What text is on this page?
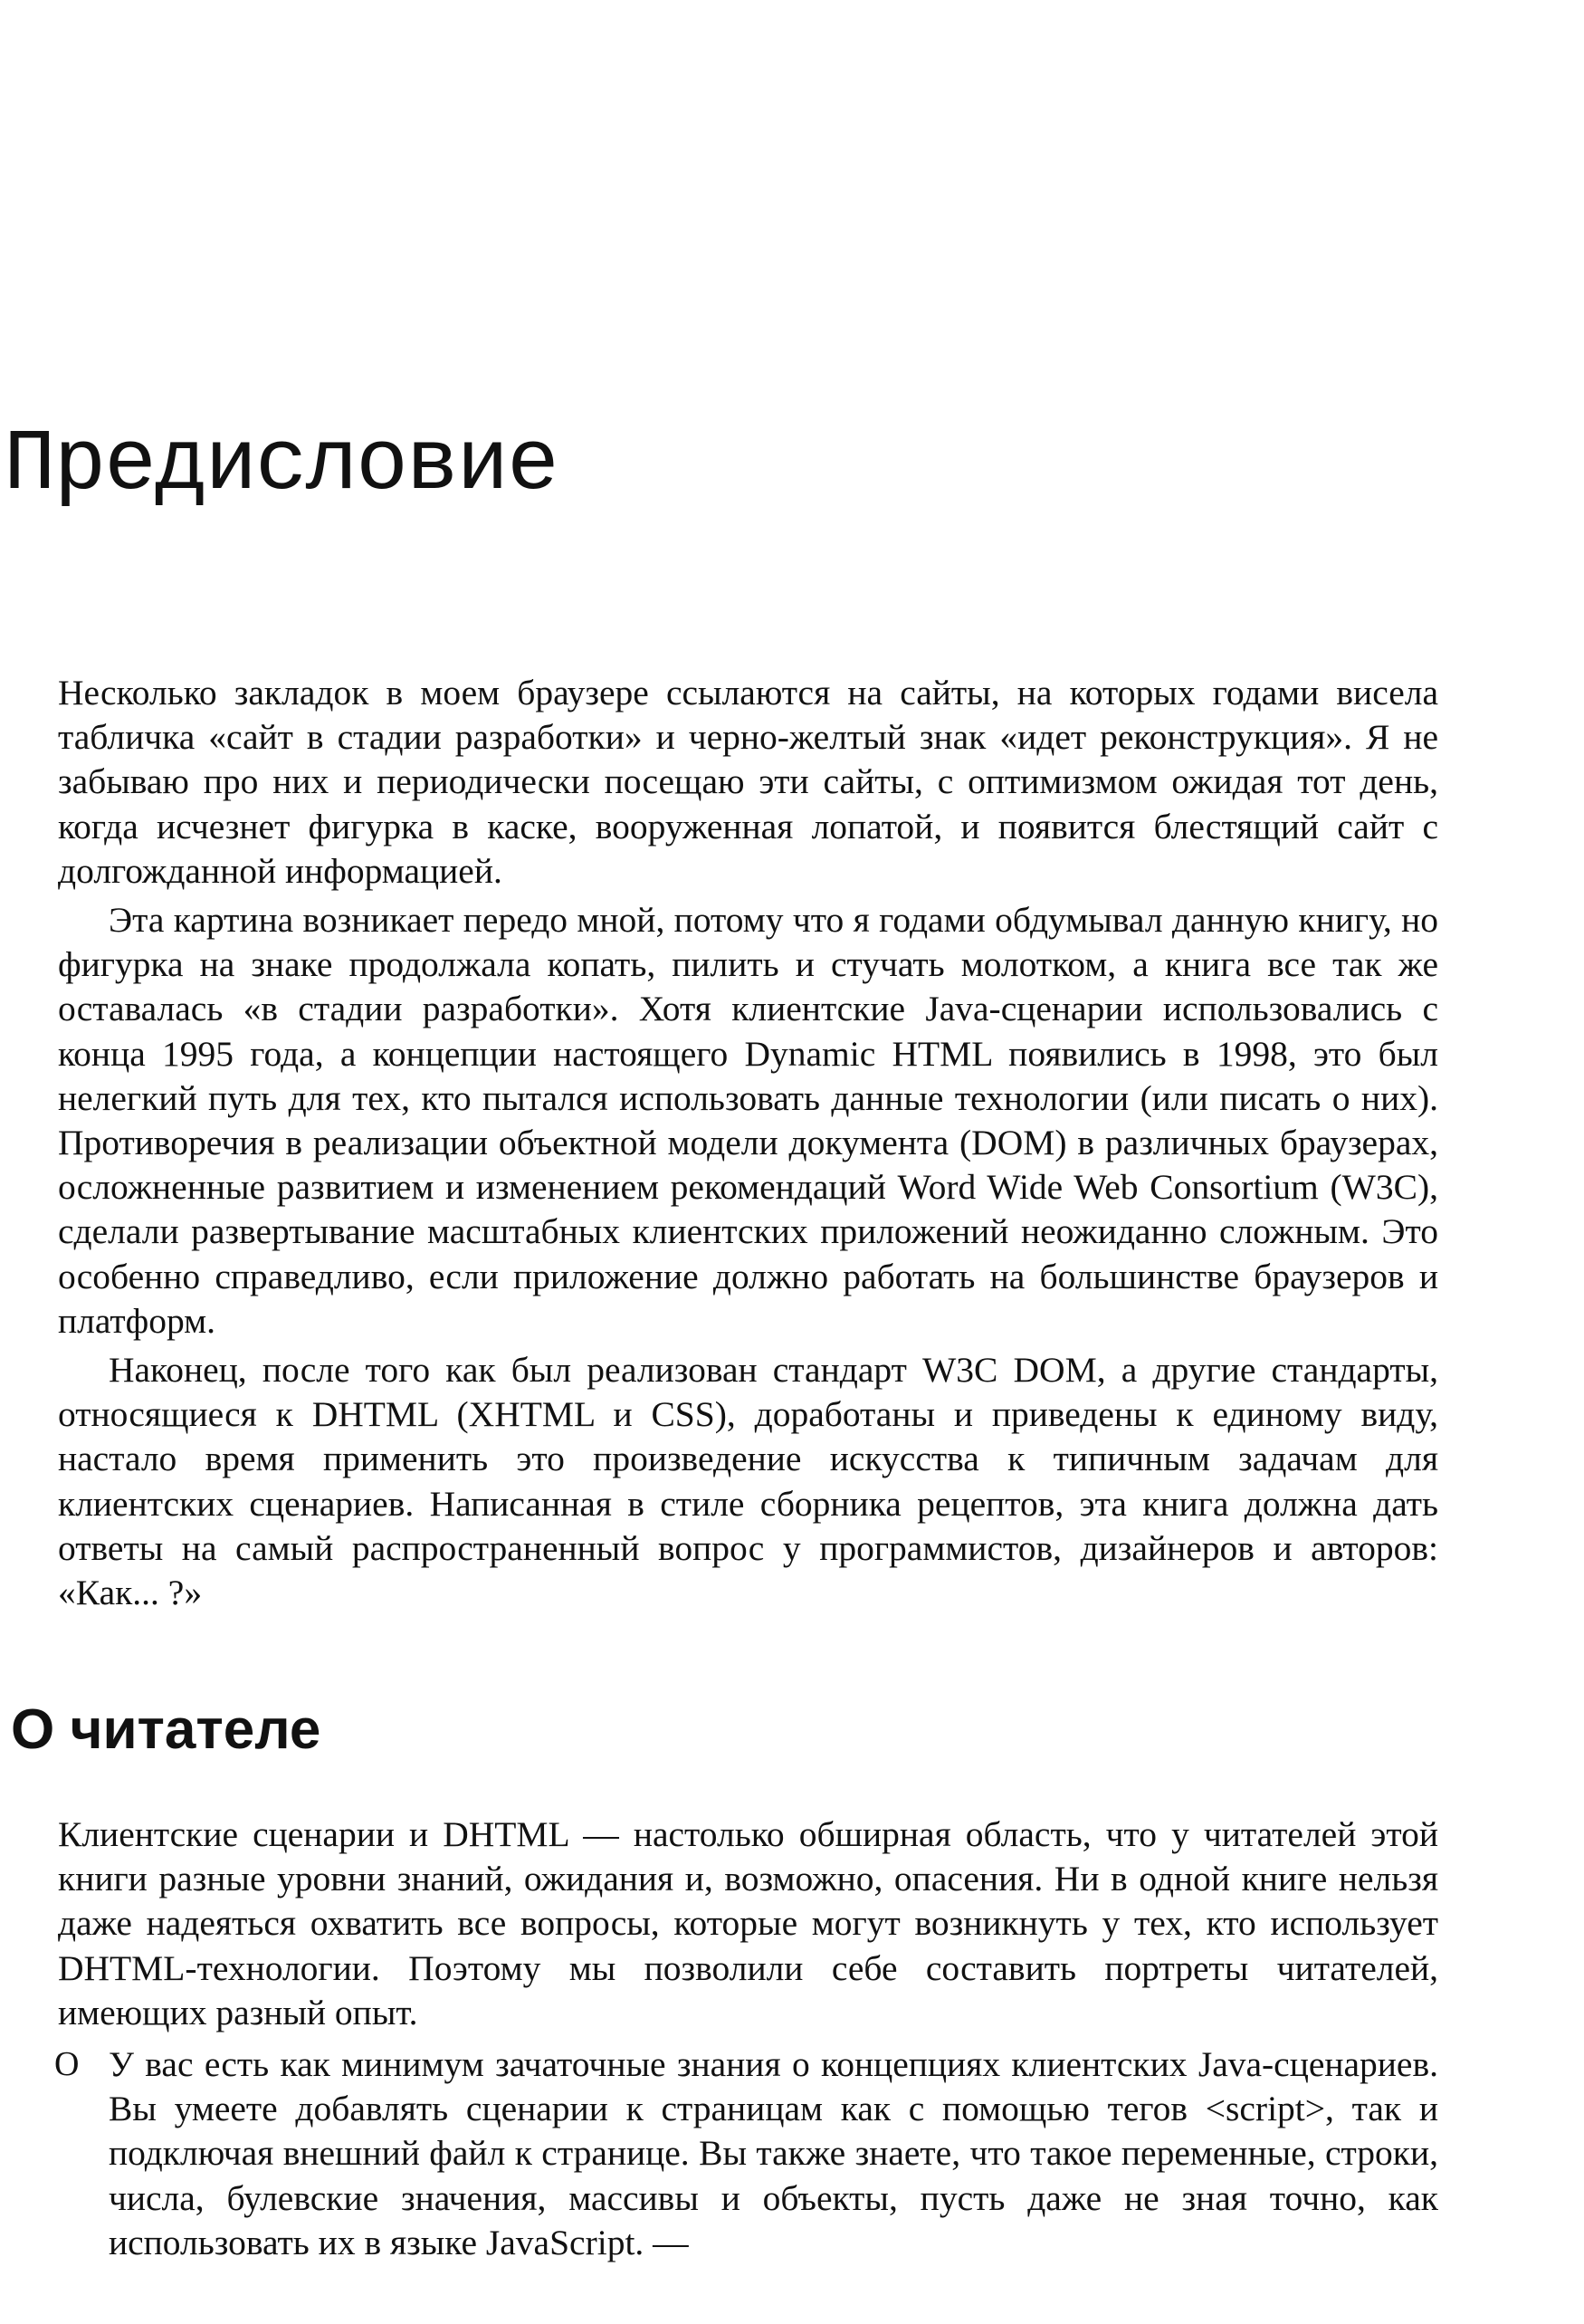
Предисловие

Несколько закладок в моем браузере ссылаются на сайты, на которых годами висела табличка «сайт в стадии разработки» и черно-желтый знак «идет реконструкция». Я не забываю про них и периодически посещаю эти сайты, с оптимизмом ожидая тот день, когда исчезнет фигурка в каске, вооруженная лопатой, и появится блестящий сайт с долгожданной информацией.

Эта картина возникает передо мной, потому что я годами обдумывал данную книгу, но фигурка на знаке продолжала копать, пилить и стучать молотком, а книга все так же оставалась «в стадии разработки». Хотя клиентские Java-сценарии использовались с конца 1995 года, а концепции настоящего Dynamic HTML появились в 1998, это был нелегкий путь для тех, кто пытался использовать данные технологии (или писать о них). Противоречия в реализации объектной модели документа (DOM) в различных браузерах, осложненные развитием и изменением рекомендаций Word Wide Web Consortium (W3C), сделали развертывание масштабных клиентских приложений неожиданно сложным. Это особенно справедливо, если приложение должно работать на большинстве браузеров и платформ.

Наконец, после того как был реализован стандарт W3C DOM, а другие стандарты, относящиеся к DHTML (XHTML и CSS), доработаны и приведены к единому виду, настало время применить это произведение искусства к типичным задачам для клиентских сценариев. Написанная в стиле сборника рецептов, эта книга должна дать ответы на самый распространенный вопрос у программистов, дизайнеров и авторов: «Как... ?»

О читателе

Клиентские сценарии и DHTML — настолько обширная область, что у читателей этой книги разные уровни знаний, ожидания и, возможно, опасения. Ни в одной книге нельзя даже надеяться охватить все вопросы, которые могут возникнуть у тех, кто использует DHTML-технологии. Поэтому мы позволили себе составить портреты читателей, имеющих разный опыт.

O У вас есть как минимум зачаточные знания о концепциях клиентских Java-сценариев. Вы умеете добавлять сценарии к страницам как с помощью тегов <script>, так и подключая внешний файл к странице. Вы также знаете, что такое переменные, строки, числа, булевские значения, массивы и объекты, пусть даже не зная точно, как использовать их в языке JavaScript. —
